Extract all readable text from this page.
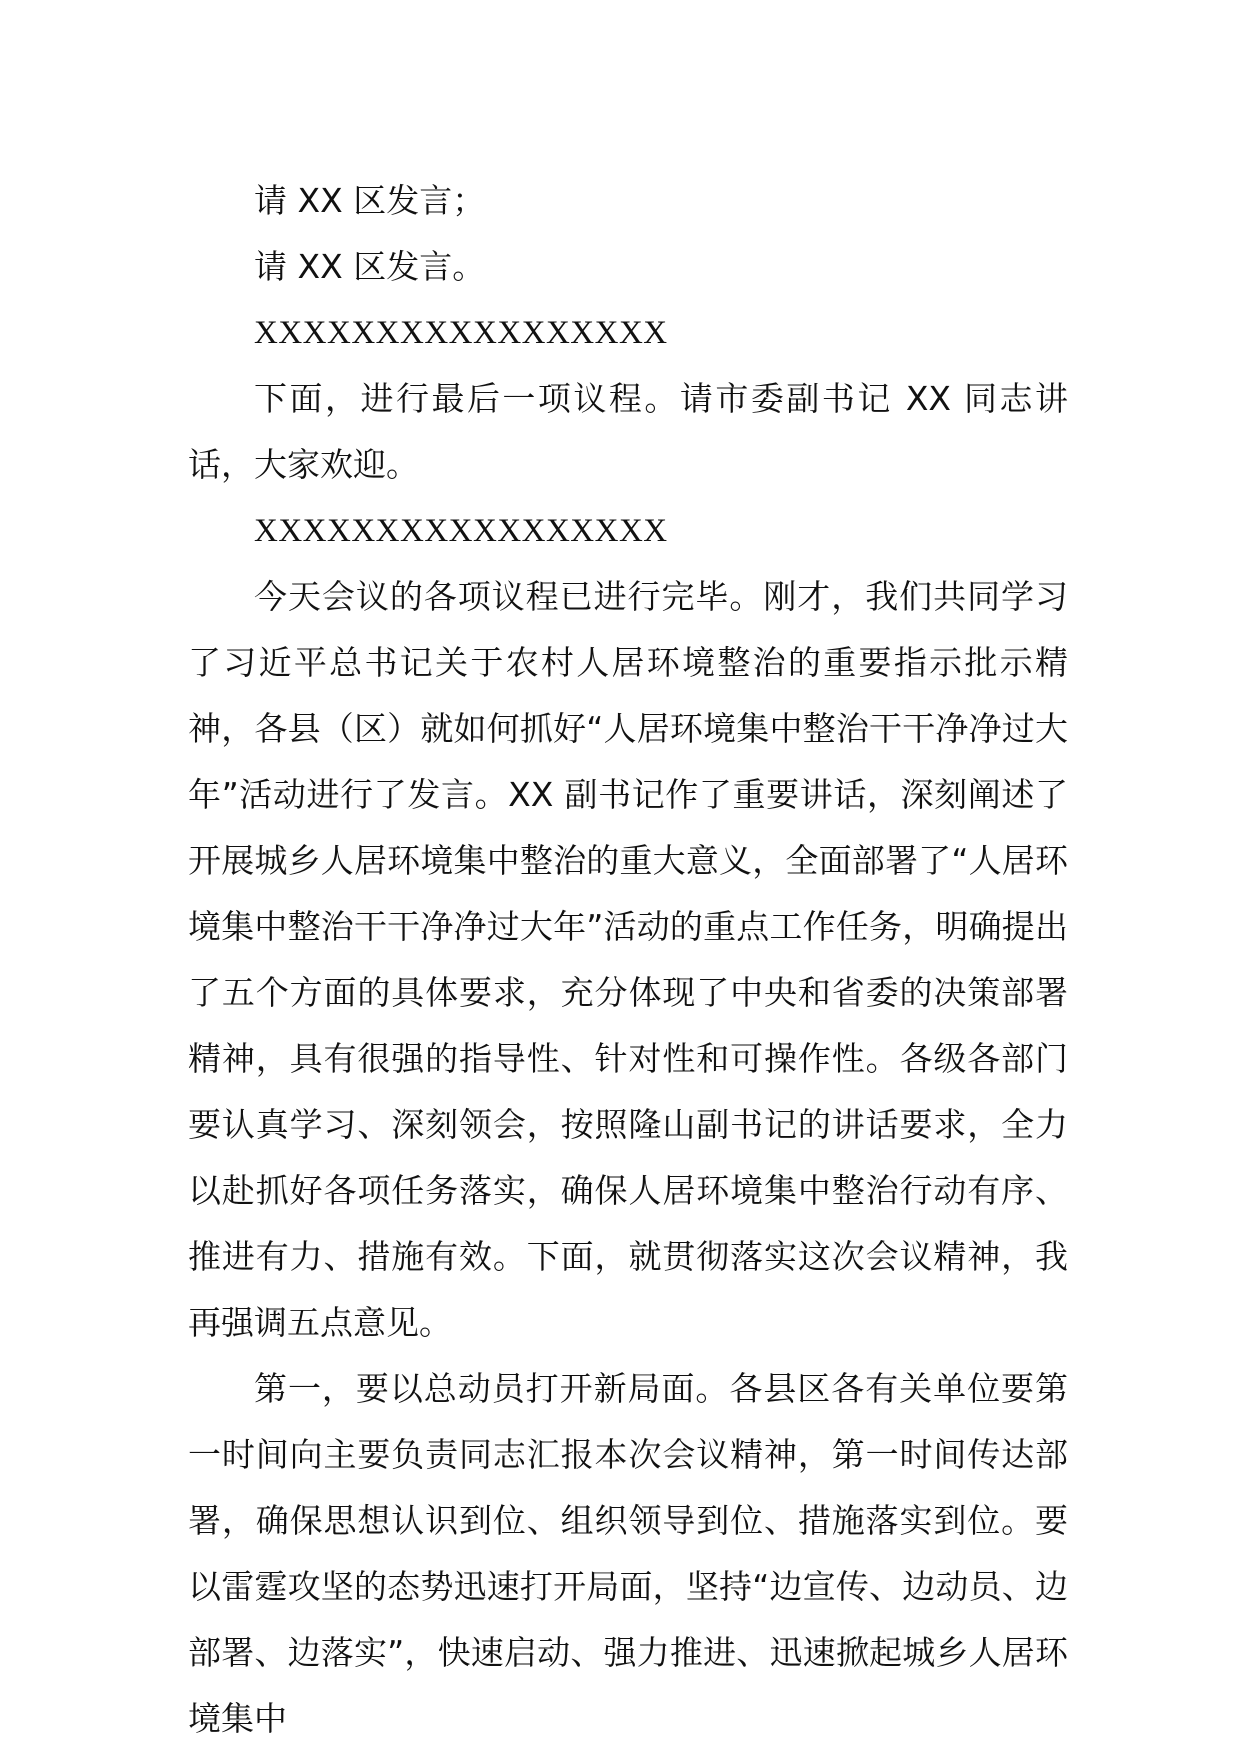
请 XX 区发言；

请 XX 区发言。

XXXXXXXXXXXXXXXXX

下面，进行最后一项议程。请市委副书记 XX 同志讲话，大家欢迎。

XXXXXXXXXXXXXXXXX

今天会议的各项议程已进行完毕。刚才，我们共同学习了习近平总书记关于农村人居环境整治的重要指示批示精神，各县（区）就如何抓好“人居环境集中整治干干净净过大年”活动进行了发言。XX 副书记作了重要讲话，深刻阐述了开展城乡人居环境集中整治的重大意义，全面部署了“人居环境集中整治干干净净过大年”活动的重点工作任务，明确提出了五个方面的具体要求，充分体现了中央和省委的决策部署精神，具有很强的指导性、针对性和可操作性。各级各部门要认真学习、深刻领会，按照隆山副书记的讲话要求，全力以赴抓好各项任务落实，确保人居环境集中整治行动有序、推进有力、措施有效。下面，就贯彻落实这次会议精神，我再强调五点意见。

第一，要以总动员打开新局面。各县区各有关单位要第一时间向主要负责同志汇报本次会议精神，第一时间传达部署，确保思想认识到位、组织领导到位、措施落实到位。要以雷霆攻坚的态势迅速打开局面，坚持“边宣传、边动员、边部署、边落实”，快速启动、强力推进、迅速掀起城乡人居环境集中
